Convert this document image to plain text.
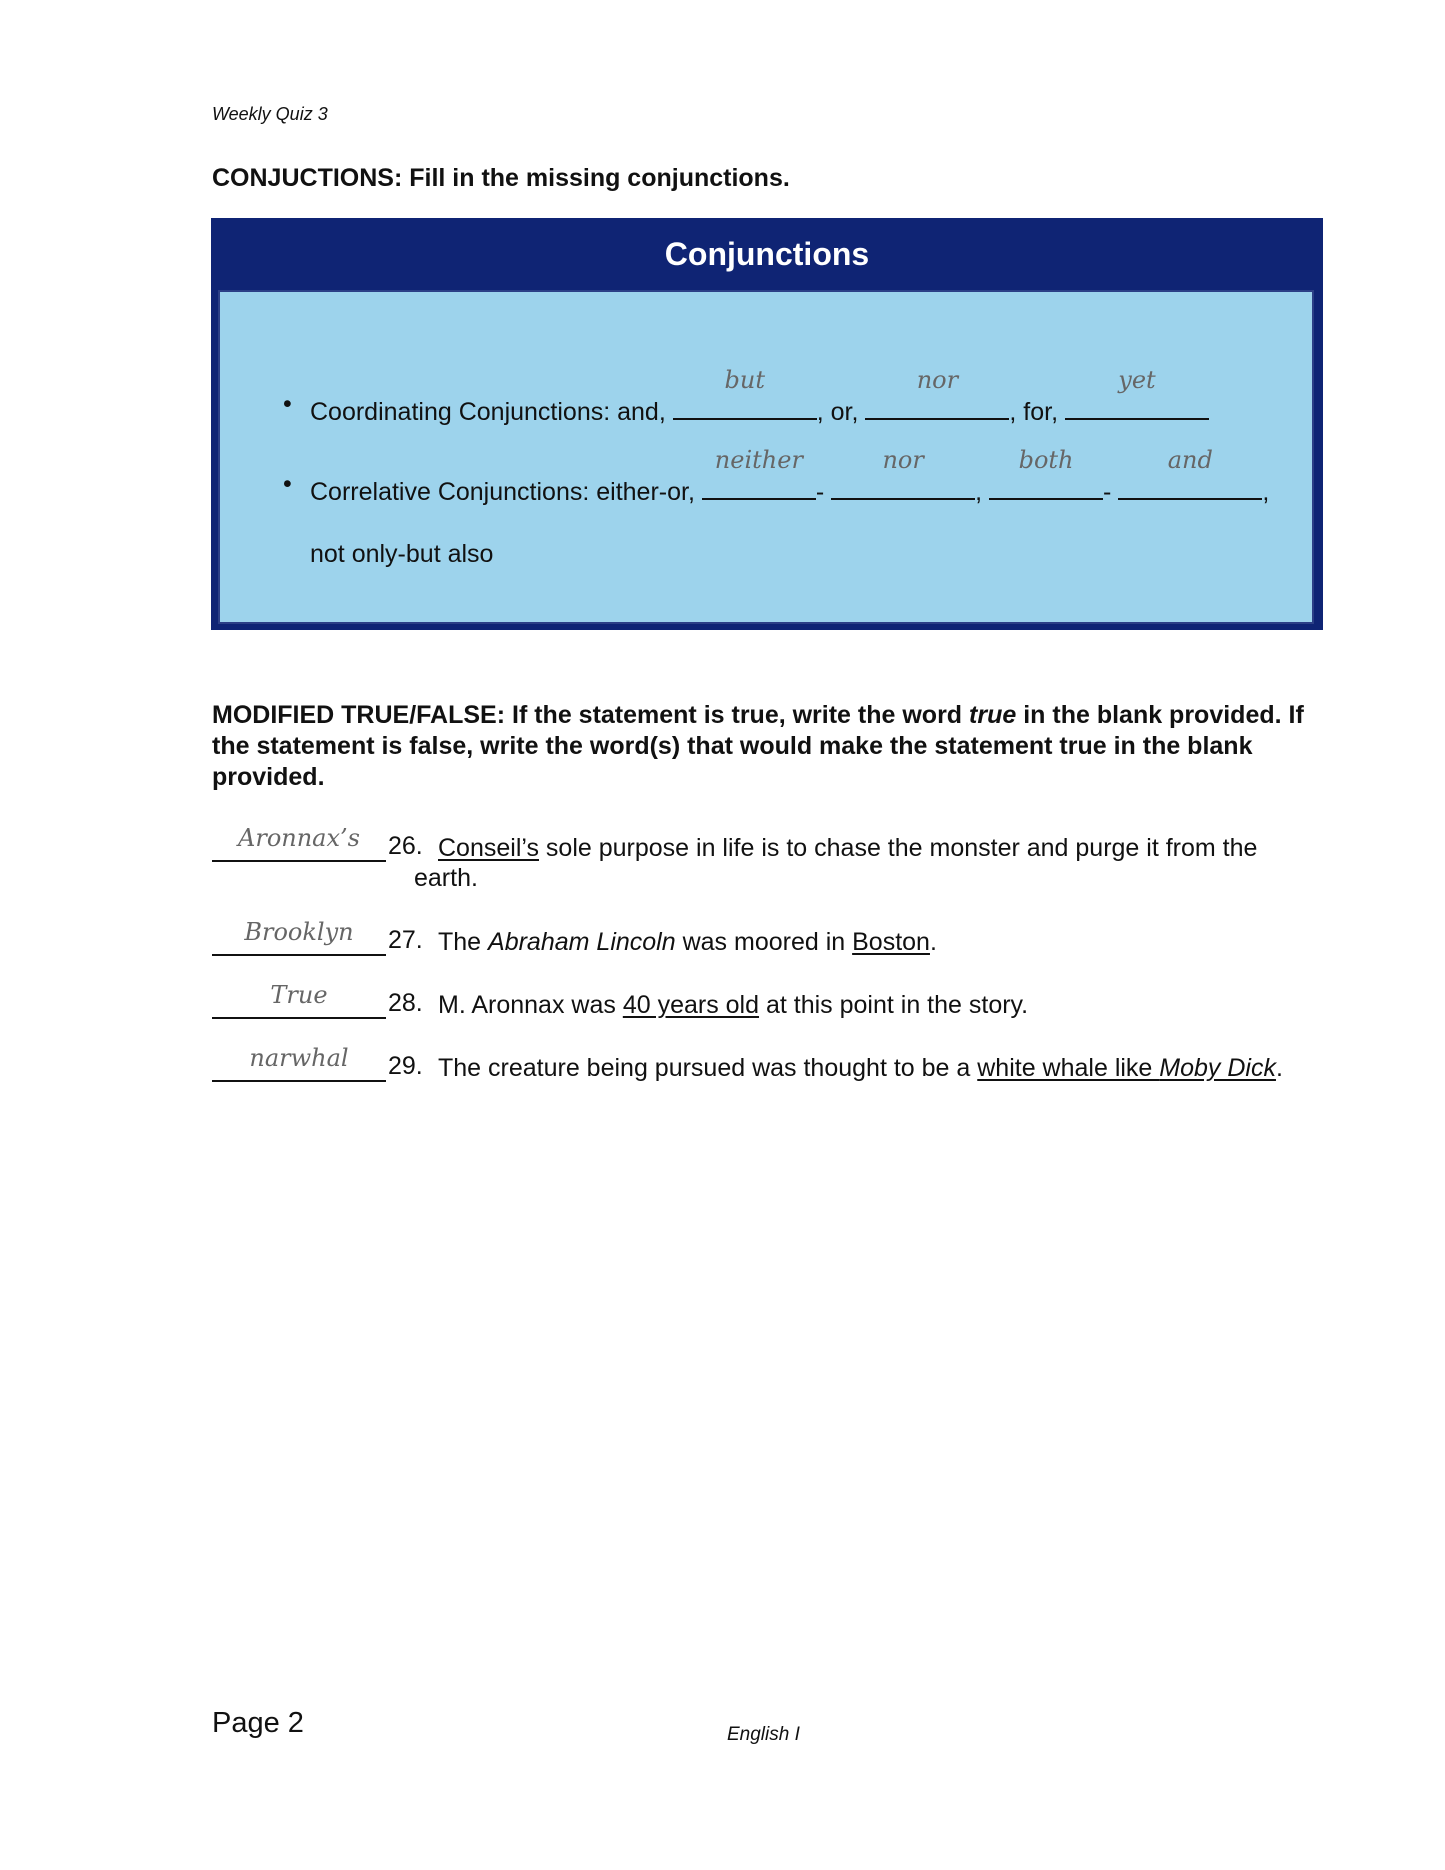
Weekly Quiz 3
CONJUCTIONS: Fill in the missing conjunctions.
Conjunctions
• Coordinating Conjunctions: and,
but
, or,
nor
, for,
yet
• Correlative Conjunctions: either-or,
neither
-
nor
,
both
-
and
,
not only-but also
MODIFIED TRUE/FALSE: If the statement is true, write the word true in the blank provided. If the statement is false, write the word(s) that would make the statement true in the blank provided.
Aronnax’s	26. Conseil’s sole purpose in life is to chase the monster and purge it from the
earth.
Brooklyn	27. The Abraham Lincoln was moored in Boston.
True	28. M. Aronnax was 40 years old at this point in the story.
narwhal	29. The creature being pursued was thought to be a white whale like Moby Dick.
Page 2	English I
